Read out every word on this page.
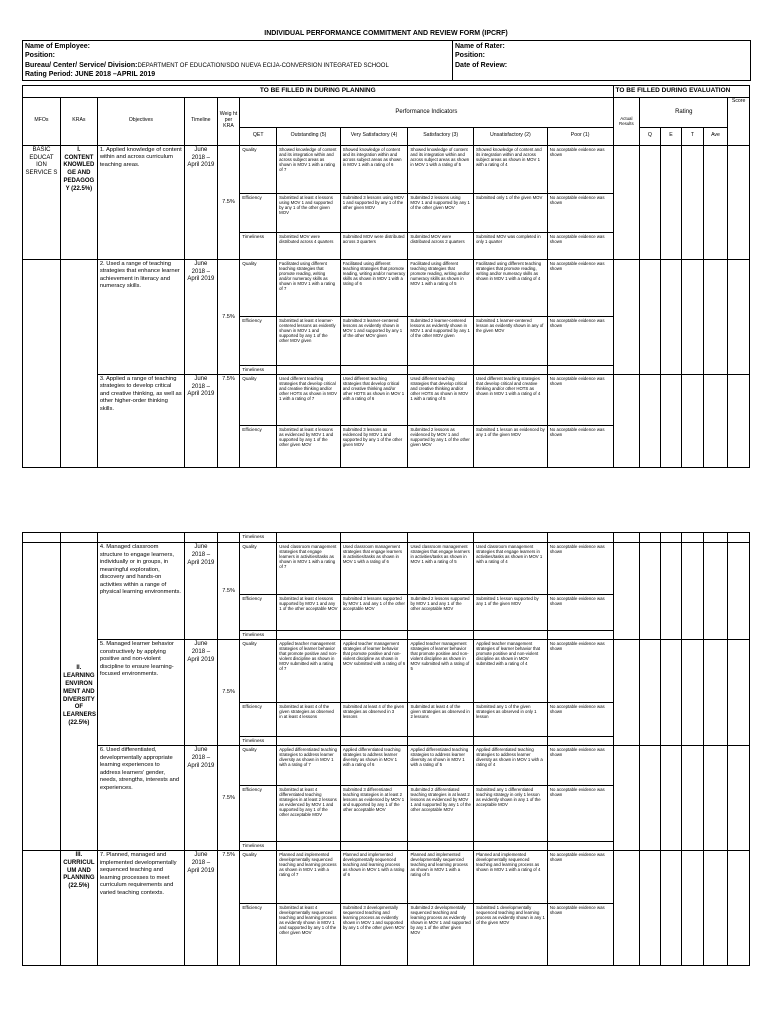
INDIVIDUAL PERFORMANCE COMMITMENT AND REVIEW FORM (IPCRF)
Name of Employee:
Position:
Bureau/ Center/ Service/ Division:DEPARTMENT OF EDUCATION/SDO NUEVA ECIJA-CONVERSION INTEGRATED SCHOOL
Rating Period: JUNE 2018 –APRIL 2019

Name of Rater:
Position:
Date of Review:
TO BE FILLED IN DURING PLANNING											TO BE FILLED DURING EVALUATION					
MFOs	KRAs	Objectives	Timeline	Weig ht per KRA	Performance Indicators						Actual Results	Rating				Score
					QET	Outstanding (5)	Very Satisfactory (4)	Satisfactory (3)	Unsatisfactory (2)	Poor (1)		Q	E	T	Ave	
BASIC EDUCAT ION SERVICE S	I. CONTENT KNOWLED GE AND PEDAGOG Y (22.5%)	1. Applied knowledge of content within and across curriculum teaching areas.	June 2018 – April 2019	7.5%	Quality	Showed knowledge of content and its integration within and across subject areas as shown in MOV 1 with a rating of 7	Showed knowledge of content and its integration within and across subject areas as shown in MOV 1 with a rating of 6	Showed knowledge of content and its integration within and across subject areas as shown in MOV 1 with a rating of 5	Showed knowledge of content and its integration within and across subject areas as shown in MOV 1 with a rating of 4	No acceptable evidence was shown						
					Efficiency	Submitted at least 4 lessons using MOV 1 and supported by any 1 of the other given MOV	Submitted 3 lessons using MOV 1 and supported by any 1 of the other given MOV	Submitted 2 lessons using MOV 1 and supported by any 1 of the other given MOV	Submitted only 1 of the given MOV	No acceptable evidence was shown						
					Timeliness	Submitted MOV were distributed across 4 quarters	Submitted MOV were distributed across 3 quarters	Submitted MOV were distributed across 2 quarters	Submitted MOV was completed in only 1 quarter	No acceptable evidence was shown						
		2. Used a range of teaching strategies that enhance learner achievement in literacy and numeracy skills.	June 2018 – April 2019	7.5%	Quality	Facilitated using different teaching strategies that promote reading, writing and/or numeracy skills as shown in MOV 1 with a rating of 7	Facilitated using different teaching strategies that promote reading, writing and/or numeracy skills as shown in MOV 1 with a rating of 6	Facilitated using different teaching strategies that promote reading, writing and/or numeracy skills as shown in MOV 1 with a rating of 5	Facilitated using different teaching strategies that promote reading, writing and/or numeracy skills as shown in MOV 1 with a rating of 4	No acceptable evidence was shown						
					Efficiency	Submitted at least 4 learner-centered lessons as evidently shown in MOV 1 and supported by any 1 of the other MOV given	Submitted 3 learner-centered lessons as evidently shown in MOV 1 and supported by any 1 of the other MOV given	Submitted 2 learner-centered lessons as evidently shown in MOV 1 and supported by any 1 of the other MOV given	Submitted 1 learner-centered lesson as evidently shown in any of the given MOV	No acceptable evidence was shown						
					Timeliness											
		3. Applied a range of teaching strategies to develop critical and creative thinking, as well as other higher-order thinking skills.	June 2018 – April 2019	7.5%	Quality	Used different teaching strategies that develop critical and creative thinking and/or other HOTS as shown in MOV 1 with a rating of 7	Used different teaching strategies that develop critical and creative thinking and/or other HOTS as shown in MOV 1 with a rating of 6	Used different teaching strategies that develop critical and creative thinking and/or other HOTS as shown in MOV 1 with a rating of 5	Used different teaching strategies that develop critical and creative thinking and/or other HOTS as shown in MOV 1 with a rating of 4	No acceptable evidence was shown						
					Efficiency	Submitted at least 4 lessons as evidenced by MOV 1 and supported by any 1 of the other given MOV	Submitted 3 lessons as evidenced by MOV 1 and supported by any 1 of the other given MOV	Submitted 2 lessons as evidenced by MOV 1 and supported by any 1 of the other given MOV	Submitted 1 lesson as evidenced by any 1 of the given MOV	No acceptable evidence was shown						
					Timeliness											
	II. LEARNING ENVIRON MENT AND DIVERSITY OF LEARNERS (22.5%)	4. Managed classroom structure to engage learners, individually or in groups, in meaningful exploration, discovery and hands-on activities within a range of physical learning environments.	June 2018 – April 2019	7.5%	Quality	Used classroom management strategies that engage learners in activities/tasks as shown in MOV 1 with a rating of 7	Used classroom management strategies that engage learners in activities/tasks as shown in MOV 1 with a rating of 6	Used classroom management strategies that engage learners in activities/tasks as shown in MOV 1 with a rating of 5	Used classroom management strategies that engage learners in activities/tasks as shown in MOV 1 with a rating of 4	No acceptable evidence was shown						
					Efficiency	Submitted at least 4 lessons supported by MOV 1 and any 1 of the other acceptable MOV	Submitted 3 lessons supported by MOV 1 and any 1 of the other acceptable MOV	Submitted 2 lessons supported by MOV 1 and any 1 of the other acceptable MOV	Submitted 1 lesson supported by any 1 of the given MOV	No acceptable evidence was shown						
					Timeliness											
		5. Managed learner behavior constructively by applying positive and non-violent discipline to ensure learning-focused environments.	June 2018 – April 2019	7.5%	Quality	Applied teacher management strategies of learner behavior that promote positive and non-violent discipline as shown in MOV submitted with a rating of 7	Applied teacher management strategies of learner behavior that promote positive and non-violent discipline as shown in MOV submitted with a rating of 6	Applied teacher management strategies of learner behavior that promote positive and non-violent discipline as shown in MOV submitted with a rating of 5	Applied teacher management strategies of learner behavior that promote positive and non-violent discipline as shown in MOV submitted with a rating of 4	No acceptable evidence was shown						
					Efficiency	Submitted at least 4 of the given strategies as observed in at least 4 lessons	Submitted at least 4 of the given strategies as observed in 3 lessons	Submitted at least 4 of the given strategies as observed in 2 lessons	Submitted any 1 of the given strategies as observed in only 1 lesson	No acceptable evidence was shown						
					Timeliness											
		6. Used differentiated, developmentally appropriate learning experiences to address learners’ gender, needs, strengths, interests and experiences.	June 2018 – April 2019	7.5%	Quality	Applied differentiated teaching strategies to address learner diversity as shown in MOV 1 with a rating of 7	Applied differentiated teaching strategies to address learner diversity as shown in MOV 1 with a rating of 6	Applied differentiated teaching strategies to address learner diversity as shown in MOV 1 with a rating of 5	Applied differentiated teaching strategies to address learner diversity as shown in MOV 1 with a rating of 4	No acceptable evidence was shown						
					Efficiency	Submitted at least 4 differentiated teaching strategies in at least 2 lessons as evidenced by MOV 1 and supported by any 1 of the other acceptable MOV	Submitted 3 differentiated teaching strategies in at least 2 lessons as evidenced by MOV 1 and supported by any 1 of the other acceptable MOV	Submitted 2 differentiated teaching strategies in at least 2 lessons as evidenced by MOV 1 and supported by any 1 of the other acceptable MOV	Submitted any 1 differentiated teaching strategy in only 1 lesson as evidently shown in any 1 of the acceptable MOV	No acceptable evidence was shown						
					Timeliness											
	III. CURRICUL UM AND PLANNING (22.5%)	7. Planned, managed and implemented developmentally sequenced teaching and learning processes to meet curriculum requirements and varied teaching contexts.	June 2018 – April 2019	7.5%	Quality	Planned and implemented developmentally sequenced teaching and learning process as shown in MOV 1 with a rating of 7	Planned and implemented developmentally sequenced teaching and learning process as shown in MOV 1 with a rating of 6	Planned and implemented developmentally sequenced teaching and learning process as shown in MOV 1 with a rating of 5	Planned and implemented developmentally sequenced teaching and learning process as shown in MOV 1 with a rating of 4	No acceptable evidence was shown						
					Efficiency	Submitted at least 4 developmentally sequenced teaching and learning process as evidently shown in MOV 1 and supported by any 1 of the other given MOV	Submitted 3 developmentally sequenced teaching and learning process as evidently shown in MOV 1 and supported by any 1 of the other given MOV	Submitted 2 developmentally sequenced teaching and learning process as evidently shown in MOV 1 and supported by any 1 of the other given MOV	Submitted 1 developmentally sequenced teaching and learning process as evidently shown in any 1 of the given MOV	No acceptable evidence was shown						
